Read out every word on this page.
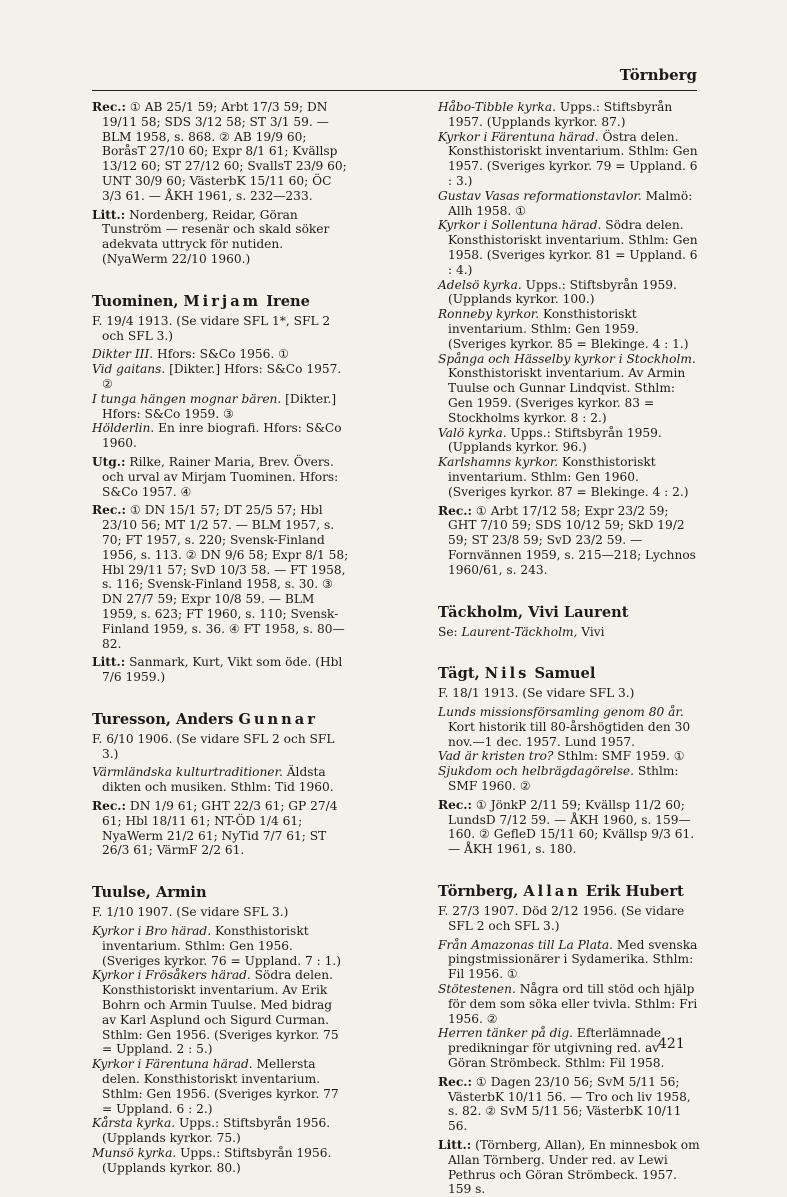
Törnberg

Rec.: ① AB 25/1 59; Arbt 17/3 59; DN 19/11 58; SDS 3/12 58; ST 3/1 59. — BLM 1958, s. 868. ② AB 19/9 60; BoråsT 27/10 60; Expr 8/1 61; Kvällsp 13/12 60; ST 27/12 60; SvallsT 23/9 60; UNT 30/9 60; VästerbK 15/11 60; ÖC 3/3 61. — ÅKH 1961, s. 232—233.

Litt.: Nordenberg, Reidar, Göran Tunström — resenär och skald söker adekvata uttryck för nutiden. (NyaWerm 22/10 1960.)

Tuominen, Mirjam Irene

F. 19/4 1913. (Se vidare SFL 1*, SFL 2 och SFL 3.)

Dikter III. Hfors: S&Co 1956. ①

Vid gaitans. [Dikter.] Hfors: S&Co 1957. ②

I tunga hängen mognar bären. [Dikter.] Hfors: S&Co 1959. ③

Hölderlin. En inre biografi. Hfors: S&Co 1960.

Utg.: Rilke, Rainer Maria, Brev. Övers. och urval av Mirjam Tuominen. Hfors: S&Co 1957. ④

Rec.: ① DN 15/1 57; DT 25/5 57; Hbl 23/10 56; MT 1/2 57. — BLM 1957, s. 70; FT 1957, s. 220; Svensk-Finland 1956, s. 113. ② DN 9/6 58; Expr 8/1 58; Hbl 29/11 57; SvD 10/3 58. — FT 1958, s. 116; Svensk-Finland 1958, s. 30. ③ DN 27/7 59; Expr 10/8 59. — BLM 1959, s. 623; FT 1960, s. 110; Svensk-Finland 1959, s. 36. ④ FT 1958, s. 80—82.

Litt.: Sanmark, Kurt, Vikt som öde. (Hbl 7/6 1959.)

Turesson, Anders Gunnar

F. 6/10 1906. (Se vidare SFL 2 och SFL 3.)

Värmländska kulturtraditioner. Äldsta dikten och musiken. Sthlm: Tid 1960.

Rec.: DN 1/9 61; GHT 22/3 61; GP 27/4 61; Hbl 18/11 61; NT-ÖD 1/4 61; NyaWerm 21/2 61; NyTid 7/7 61; ST 26/3 61; VärmF 2/2 61.

Tuulse, Armin

F. 1/10 1907. (Se vidare SFL 3.)

Kyrkor i Bro härad. Konsthistoriskt inventarium. Sthlm: Gen 1956. (Sveriges kyrkor. 76 = Uppland. 7 : 1.)

Kyrkor i Frösåkers härad. Södra delen. Konsthistoriskt inventarium. Av Erik Bohrn och Armin Tuulse. Med bidrag av Karl Asplund och Sigurd Curman. Sthlm: Gen 1956. (Sveriges kyrkor. 75 = Uppland. 2 : 5.)

Kyrkor i Färentuna härad. Mellersta delen. Konsthistoriskt inventarium. Sthlm: Gen 1956. (Sveriges kyrkor. 77 = Uppland. 6 : 2.)

Kårsta kyrka. Upps.: Stiftsbyrån 1956. (Upplands kyrkor. 75.)

Munsö kyrka. Upps.: Stiftsbyrån 1956. (Upplands kyrkor. 80.)

Håbo-Tibble kyrka. Upps.: Stiftsbyrån 1957. (Upplands kyrkor. 87.)

Kyrkor i Färentuna härad. Östra delen. Konsthistoriskt inventarium. Sthlm: Gen 1957. (Sveriges kyrkor. 79 = Uppland. 6 : 3.)

Gustav Vasas reformationstavlor. Malmö: Allh 1958. ①

Kyrkor i Sollentuna härad. Södra delen. Konsthistoriskt inventarium. Sthlm: Gen 1958. (Sveriges kyrkor. 81 = Uppland. 6 : 4.)

Adelsö kyrka. Upps.: Stiftsbyrån 1959. (Upplands kyrkor. 100.)

Ronneby kyrkor. Konsthistoriskt inventarium. Sthlm: Gen 1959. (Sveriges kyrkor. 85 = Blekinge. 4 : 1.)

Spånga och Hässelby kyrkor i Stockholm. Konsthistoriskt inventarium. Av Armin Tuulse och Gunnar Lindqvist. Sthlm: Gen 1959. (Sveriges kyrkor. 83 = Stockholms kyrkor. 8 : 2.)

Valö kyrka. Upps.: Stiftsbyrån 1959. (Upplands kyrkor. 96.)

Karlshamns kyrkor. Konsthistoriskt inventarium. Sthlm: Gen 1960. (Sveriges kyrkor. 87 = Blekinge. 4 : 2.)

Rec.: ① Arbt 17/12 58; Expr 23/2 59; GHT 7/10 59; SDS 10/12 59; SkD 19/2 59; ST 23/8 59; SvD 23/2 59. — Fornvännen 1959, s. 215—218; Lychnos 1960/61, s. 243.

Täckholm, Vivi Laurent

Se: Laurent-Täckholm, Vivi

Tägt, Nils Samuel

F. 18/1 1913. (Se vidare SFL 3.)

Lunds missionsförsamling genom 80 år. Kort historik till 80-årshögtiden den 30 nov.—1 dec. 1957. Lund 1957.

Vad är kristen tro? Sthlm: SMF 1959. ①

Sjukdom och helbrägdagörelse. Sthlm: SMF 1960. ②

Rec.: ① JönkP 2/11 59; Kvällsp 11/2 60; LundsD 7/12 59. — ÅKH 1960, s. 159—160. ② GefleD 15/11 60; Kvällsp 9/3 61. — ÅKH 1961, s. 180.

Törnberg, Allan Erik Hubert

F. 27/3 1907. Död 2/12 1956. (Se vidare SFL 2 och SFL 3.)

Från Amazonas till La Plata. Med svenska pingstmissionärer i Sydamerika. Sthlm: Fil 1956. ①

Stötestenen. Några ord till stöd och hjälp för dem som söka eller tvivla. Sthlm: Fri 1956. ②

Herren tänker på dig. Efterlämnade predikningar för utgivning red. av Göran Strömbeck. Sthlm: Fil 1958.

Rec.: ① Dagen 23/10 56; SvM 5/11 56; VästerbK 10/11 56. — Tro och liv 1958, s. 82. ② SvM 5/11 56; VästerbK 10/11 56.

Litt.: (Törnberg, Allan), En minnesbok om Allan Törnberg. Under red. av Lewi Pethrus och Göran Strömbeck. 1957. 159 s.

421
